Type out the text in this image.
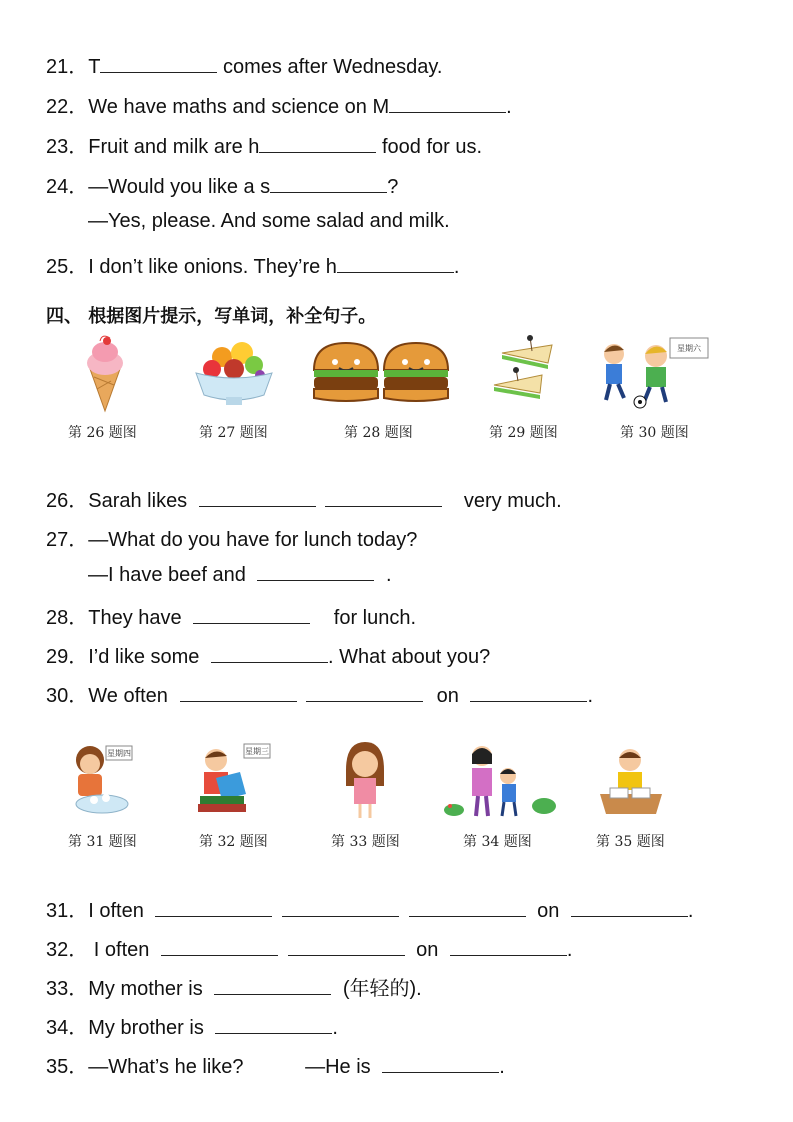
21．T	comes after Wednesday.
22．We have maths and science on M	.
23．Fruit and milk are h	food for us.
24．—Would you like a s	?
—Yes, please. And some salad and milk.
25．I don’t like onions. They’re h	.
四、 根据图片提示，写单词，补全句子。
星期六
第 26 题图	第 27 题图	第 28 题图	第 29 题图	第 30 题图
26．Sarah likes	very much.
27．—What do you have for lunch today?
—I have beef and	.
28．They have	for lunch.
29．I’d like some	. What about you?
30．We often	on	.
星期四	星期三
第 31 题图	第 32 题图	第 33 题图	第 34 题图	第 35 题图
31．I often	on	.
32． I often	on	.
33．My mother is	(年轻的).
34．My brother is	.
35．—What’s he like?	—He is	.
